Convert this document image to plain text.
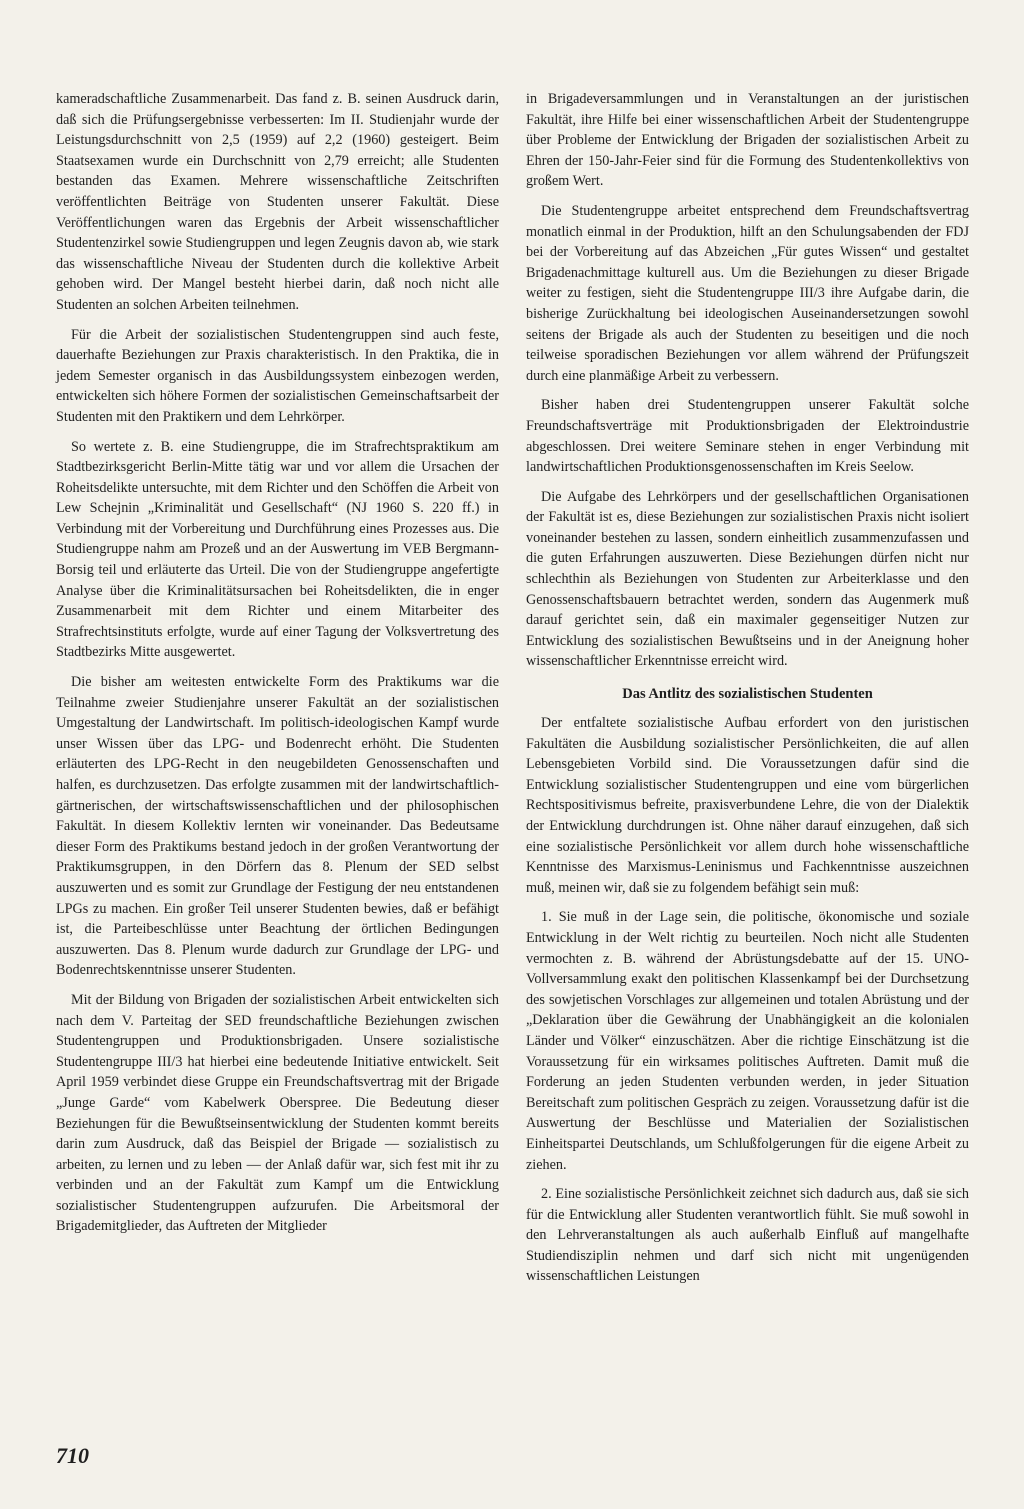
kameradschaftliche Zusammenarbeit. Das fand z. B. seinen Ausdruck darin, daß sich die Prüfungsergebnisse verbesserten: Im II. Studienjahr wurde der Leistungsdurchschnitt von 2,5 (1959) auf 2,2 (1960) gesteigert. Beim Staatsexamen wurde ein Durchschnitt von 2,79 erreicht; alle Studenten bestanden das Examen. Mehrere wissenschaftliche Zeitschriften veröffentlichten Beiträge von Studenten unserer Fakultät. Diese Veröffentlichungen waren das Ergebnis der Arbeit wissenschaftlicher Studentenzirkel sowie Studiengruppen und legen Zeugnis davon ab, wie stark das wissenschaftliche Niveau der Studenten durch die kollektive Arbeit gehoben wird. Der Mangel besteht hierbei darin, daß noch nicht alle Studenten an solchen Arbeiten teilnehmen.

Für die Arbeit der sozialistischen Studentengruppen sind auch feste, dauerhafte Beziehungen zur Praxis charakteristisch. In den Praktika, die in jedem Semester organisch in das Ausbildungssystem einbezogen werden, entwickelten sich höhere Formen der sozialistischen Gemeinschaftsarbeit der Studenten mit den Praktikern und dem Lehrkörper.

So wertete z. B. eine Studiengruppe, die im Strafrechtspraktikum am Stadtbezirksgericht Berlin-Mitte tätig war und vor allem die Ursachen der Roheitsdelikte untersuchte, mit dem Richter und den Schöffen die Arbeit von Lew Schejnin „Kriminalität und Gesellschaft“ (NJ 1960 S. 220 ff.) in Verbindung mit der Vorbereitung und Durchführung eines Prozesses aus. Die Studiengruppe nahm am Prozeß und an der Auswertung im VEB Bergmann-Borsig teil und erläuterte das Urteil. Die von der Studiengruppe angefertigte Analyse über die Kriminalitätsursachen bei Roheitsdelikten, die in enger Zusammenarbeit mit dem Richter und einem Mitarbeiter des Strafrechtsinstituts erfolgte, wurde auf einer Tagung der Volksvertretung des Stadtbezirks Mitte ausgewertet.

Die bisher am weitesten entwickelte Form des Praktikums war die Teilnahme zweier Studienjahre unserer Fakultät an der sozialistischen Umgestaltung der Landwirtschaft. Im politisch-ideologischen Kampf wurde unser Wissen über das LPG- und Bodenrecht erhöht. Die Studenten erläuterten des LPG-Recht in den neugebildeten Genossenschaften und halfen, es durchzusetzen. Das erfolgte zusammen mit der landwirtschaftlich-gärtnerischen, der wirtschaftswissenschaftlichen und der philosophischen Fakultät. In diesem Kollektiv lernten wir voneinander. Das Bedeutsame dieser Form des Praktikums bestand jedoch in der großen Verantwortung der Praktikumsgruppen, in den Dörfern das 8. Plenum der SED selbst auszuwerten und es somit zur Grundlage der Festigung der neu entstandenen LPGs zu machen. Ein großer Teil unserer Studenten bewies, daß er befähigt ist, die Parteibeschlüsse unter Beachtung der örtlichen Bedingungen auszuwerten. Das 8. Plenum wurde dadurch zur Grundlage der LPG- und Bodenrechtskenntnisse unserer Studenten.

Mit der Bildung von Brigaden der sozialistischen Arbeit entwickelten sich nach dem V. Parteitag der SED freundschaftliche Beziehungen zwischen Studentengruppen und Produktionsbrigaden. Unsere sozialistische Studentengruppe III/3 hat hierbei eine bedeutende Initiative entwickelt. Seit April 1959 verbindet diese Gruppe ein Freundschaftsvertrag mit der Brigade „Junge Garde“ vom Kabelwerk Oberspree. Die Bedeutung dieser Beziehungen für die Bewußtseinsentwicklung der Studenten kommt bereits darin zum Ausdruck, daß das Beispiel der Brigade — sozialistisch zu arbeiten, zu lernen und zu leben — der Anlaß dafür war, sich fest mit ihr zu verbinden und an der Fakultät zum Kampf um die Entwicklung sozialistischer Studentengruppen aufzurufen. Die Arbeitsmoral der Brigademitglieder, das Auftreten der Mitglieder

in Brigadeversammlungen und in Veranstaltungen an der juristischen Fakultät, ihre Hilfe bei einer wissenschaftlichen Arbeit der Studentengruppe über Probleme der Entwicklung der Brigaden der sozialistischen Arbeit zu Ehren der 150-Jahr-Feier sind für die Formung des Studentenkollektivs von großem Wert.

Die Studentengruppe arbeitet entsprechend dem Freundschaftsvertrag monatlich einmal in der Produktion, hilft an den Schulungsabenden der FDJ bei der Vorbereitung auf das Abzeichen „Für gutes Wissen“ und gestaltet Brigadenachmittage kulturell aus. Um die Beziehungen zu dieser Brigade weiter zu festigen, sieht die Studentengruppe III/3 ihre Aufgabe darin, die bisherige Zurückhaltung bei ideologischen Auseinandersetzungen sowohl seitens der Brigade als auch der Studenten zu beseitigen und die noch teilweise sporadischen Beziehungen vor allem während der Prüfungszeit durch eine planmäßige Arbeit zu verbessern.

Bisher haben drei Studentengruppen unserer Fakultät solche Freundschaftsverträge mit Produktionsbrigaden der Elektroindustrie abgeschlossen. Drei weitere Seminare stehen in enger Verbindung mit landwirtschaftlichen Produktionsgenossenschaften im Kreis Seelow.

Die Aufgabe des Lehrkörpers und der gesellschaftlichen Organisationen der Fakultät ist es, diese Beziehungen zur sozialistischen Praxis nicht isoliert voneinander bestehen zu lassen, sondern einheitlich zusammenzufassen und die guten Erfahrungen auszuwerten. Diese Beziehungen dürfen nicht nur schlechthin als Beziehungen von Studenten zur Arbeiterklasse und den Genossenschaftsbauern betrachtet werden, sondern das Augenmerk muß darauf gerichtet sein, daß ein maximaler gegenseitiger Nutzen zur Entwicklung des sozialistischen Bewußtseins und in der Aneignung hoher wissenschaftlicher Erkenntnisse erreicht wird.

Das Antlitz des sozialistischen Studenten

Der entfaltete sozialistische Aufbau erfordert von den juristischen Fakultäten die Ausbildung sozialistischer Persönlichkeiten, die auf allen Lebensgebieten Vorbild sind. Die Voraussetzungen dafür sind die Entwicklung sozialistischer Studentengruppen und eine vom bürgerlichen Rechtspositivismus befreite, praxisverbundene Lehre, die von der Dialektik der Entwicklung durchdrungen ist. Ohne näher darauf einzugehen, daß sich eine sozialistische Persönlichkeit vor allem durch hohe wissenschaftliche Kenntnisse des Marxismus-Leninismus und Fachkenntnisse auszeichnen muß, meinen wir, daß sie zu folgendem befähigt sein muß:

1. Sie muß in der Lage sein, die politische, ökonomische und soziale Entwicklung in der Welt richtig zu beurteilen. Noch nicht alle Studenten vermochten z. B. während der Abrüstungsdebatte auf der 15. UNO-Vollversammlung exakt den politischen Klassenkampf bei der Durchsetzung des sowjetischen Vorschlages zur allgemeinen und totalen Abrüstung und der „Deklaration über die Gewährung der Unabhängigkeit an die kolonialen Länder und Völker“ einzuschätzen. Aber die richtige Einschätzung ist die Voraussetzung für ein wirksames politisches Auftreten. Damit muß die Forderung an jeden Studenten verbunden werden, in jeder Situation Bereitschaft zum politischen Gespräch zu zeigen. Voraussetzung dafür ist die Auswertung der Beschlüsse und Materialien der Sozialistischen Einheitspartei Deutschlands, um Schlußfolgerungen für die eigene Arbeit zu ziehen.

2. Eine sozialistische Persönlichkeit zeichnet sich dadurch aus, daß sie sich für die Entwicklung aller Studenten verantwortlich fühlt. Sie muß sowohl in den Lehrveranstaltungen als auch außerhalb Einfluß auf mangelhafte Studiendisziplin nehmen und darf sich nicht mit ungenügenden wissenschaftlichen Leistungen

710
